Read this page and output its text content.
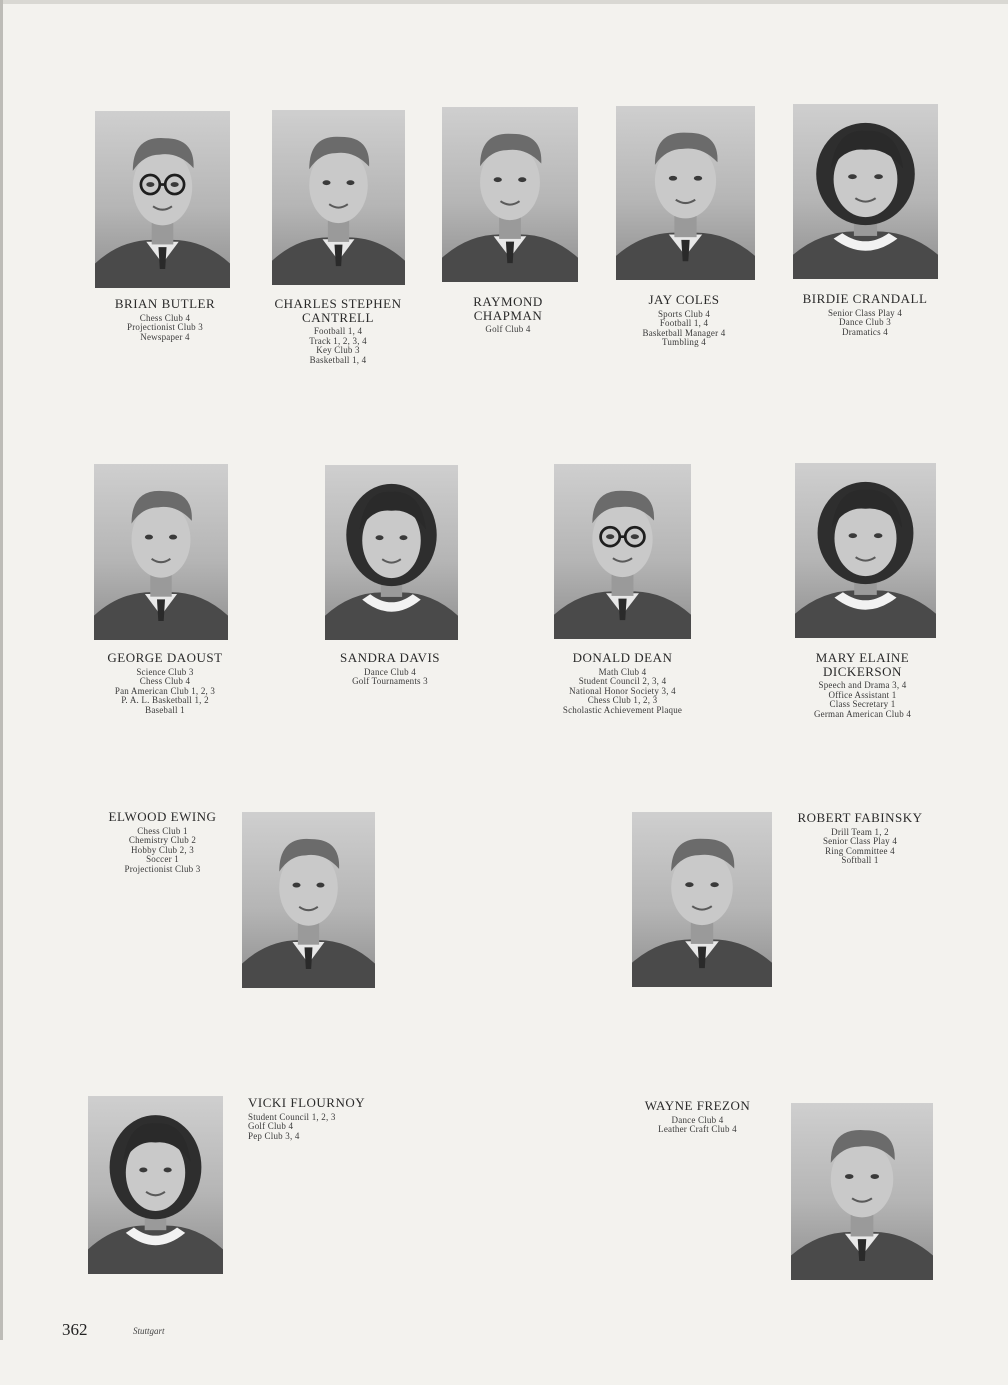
BRIAN BUTLER
Chess Club 4
Projectionist Club 3
Newspaper 4
CHARLES STEPHEN
CANTRELL
Football 1, 4
Track 1, 2, 3, 4
Key Club 3
Basketball 1, 4
RAYMOND
CHAPMAN
Golf Club 4
JAY COLES
Sports Club 4
Football 1, 4
Basketball Manager 4
Tumbling 4
BIRDIE CRANDALL
Senior Class Play 4
Dance Club 3
Dramatics 4
GEORGE DAOUST
Science Club 3
Chess Club 4
Pan American Club 1, 2, 3
P. A. L. Basketball 1, 2
Baseball 1
SANDRA DAVIS
Dance Club 4
Golf Tournaments 3
DONALD DEAN
Math Club 4
Student Council 2, 3, 4
National Honor Society 3, 4
Chess Club 1, 2, 3
Scholastic Achievement Plaque
MARY ELAINE
DICKERSON
Speech and Drama 3, 4
Office Assistant 1
Class Secretary 1
German American Club 4
ELWOOD EWING
Chess Club 1
Chemistry Club 2
Hobby Club 2, 3
Soccer 1
Projectionist Club 3
ROBERT FABINSKY
Drill Team 1, 2
Senior Class Play 4
Ring Committee 4
Softball 1
VICKI FLOURNOY
Student Council 1, 2, 3
Golf Club 4
Pep Club 3, 4
WAYNE FREZON
Dance Club 4
Leather Craft Club 4
362	Stuttgart
